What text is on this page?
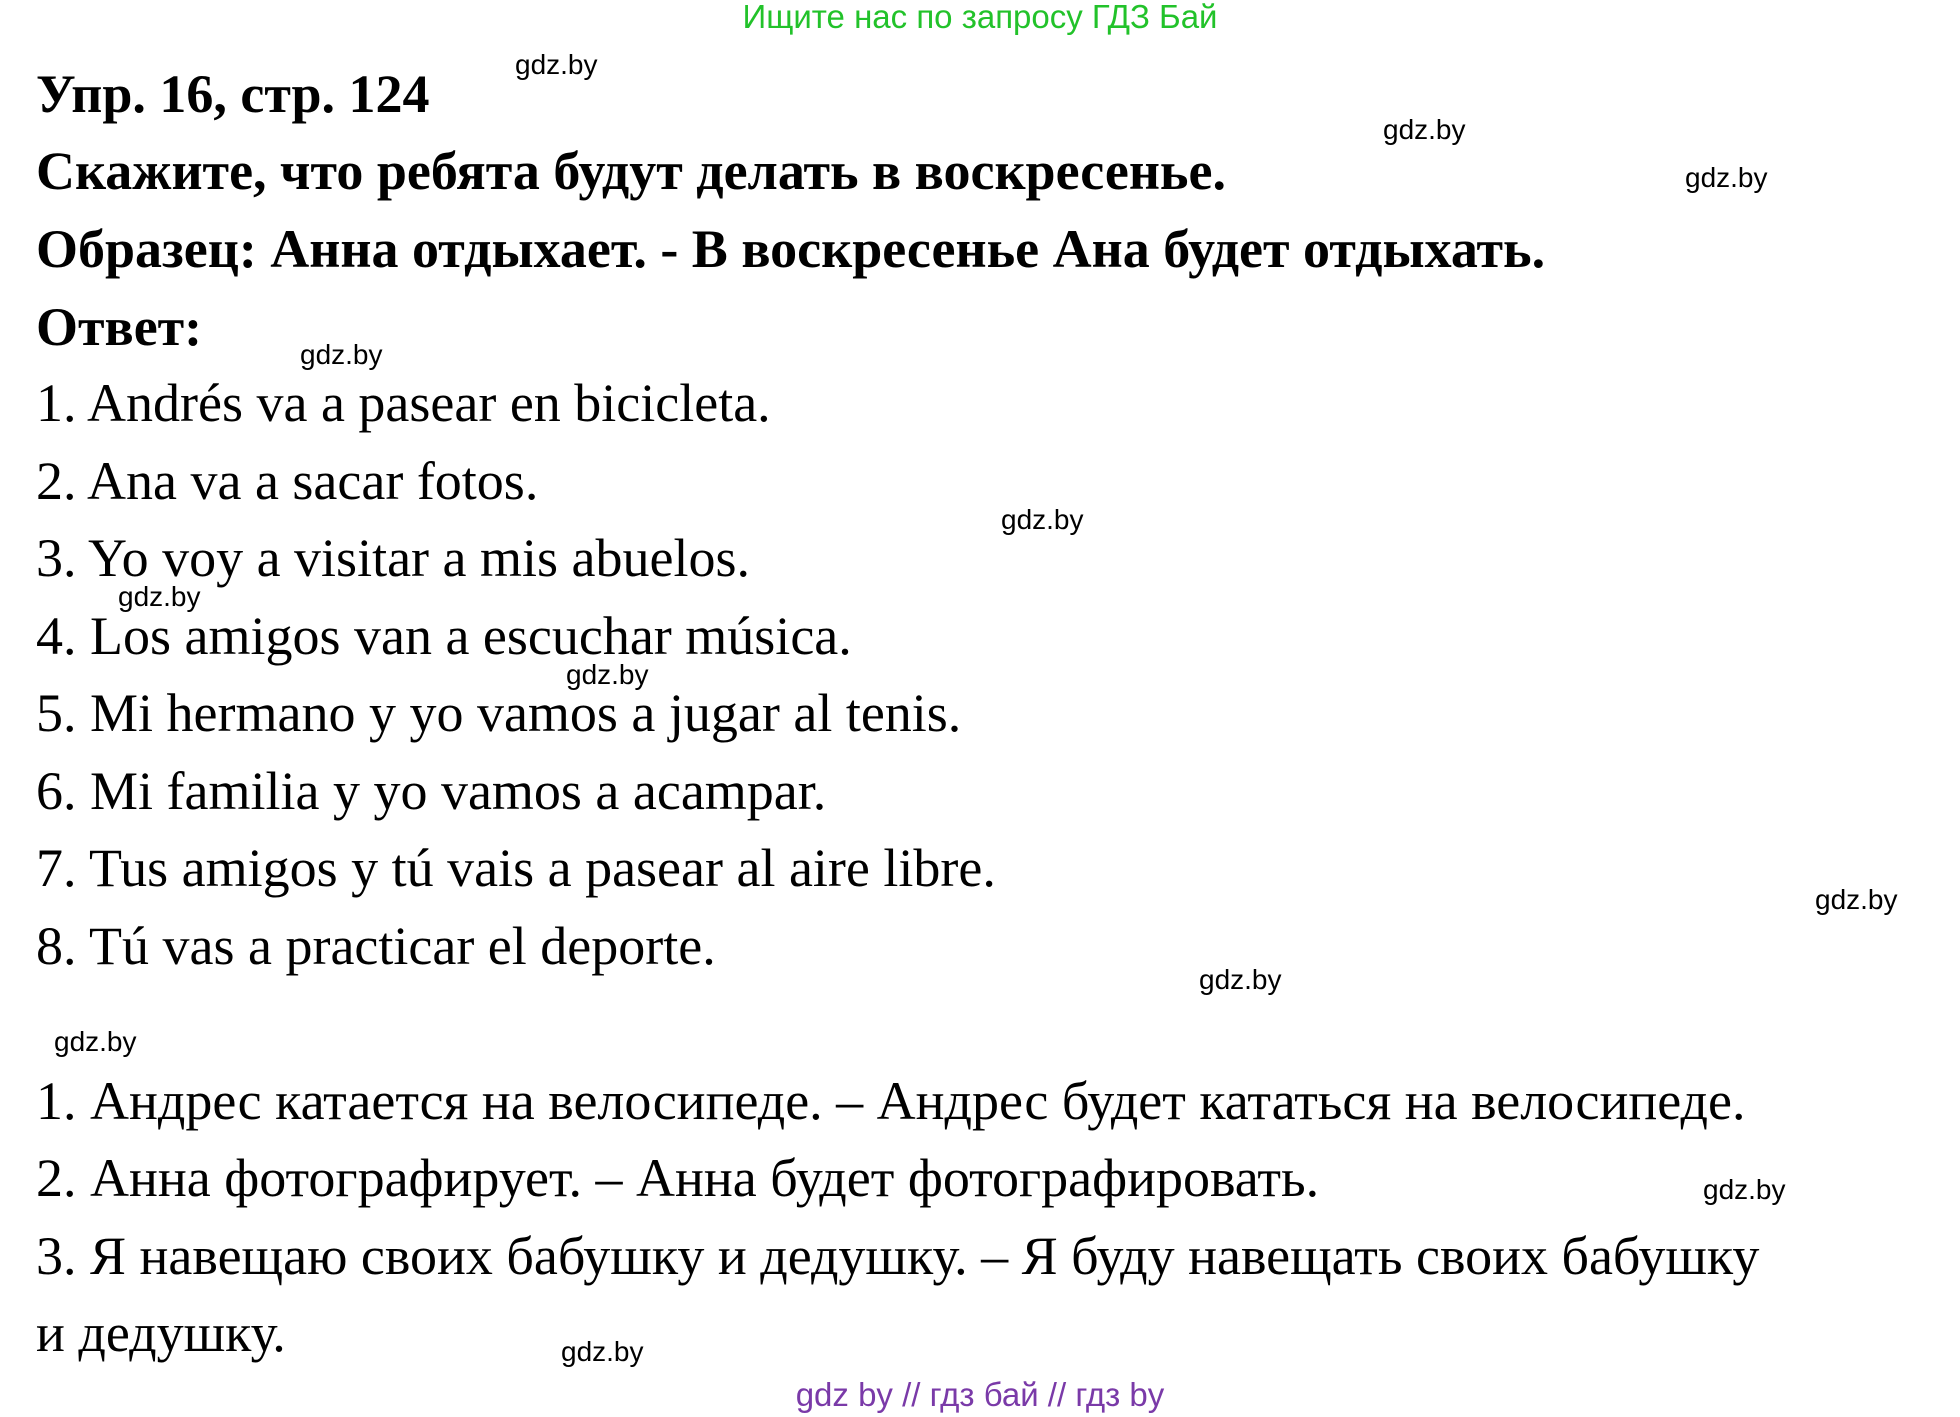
Ищите нас по запросу ГДЗ Бай
Упр. 16, стр. 124
Скажите, что ребята будут делать в воскресенье.
Образец: Анна отдыхает. - В воскресенье Ана будет отдыхать.
Ответ:
1. Andrés va a pasear en bicicleta.
2. Ana va a sacar fotos.
3. Yo voy a visitar a mis abuelos.
4. Los amigos van a escuchar música.
5. Mi hermano y yo vamos a jugar al tenis.
6. Mi familia y yo vamos a acampar.
7. Tus amigos y tú vais a pasear al aire libre.
8. Tú vas a practicar el deporte.
1. Андрес катается на велосипеде. – Андрес будет кататься на велосипеде.
2. Анна фотографирует. – Анна будет фотографировать.
3. Я навещаю своих бабушку и дедушку. – Я буду навещать своих бабушку
и дедушку.
gdz.by
gdz.by
gdz.by
gdz.by
gdz.by
gdz.by
gdz.by
gdz.by
gdz.by
gdz.by
gdz.by
gdz.by
gdz by // гдз бай // гдз by
